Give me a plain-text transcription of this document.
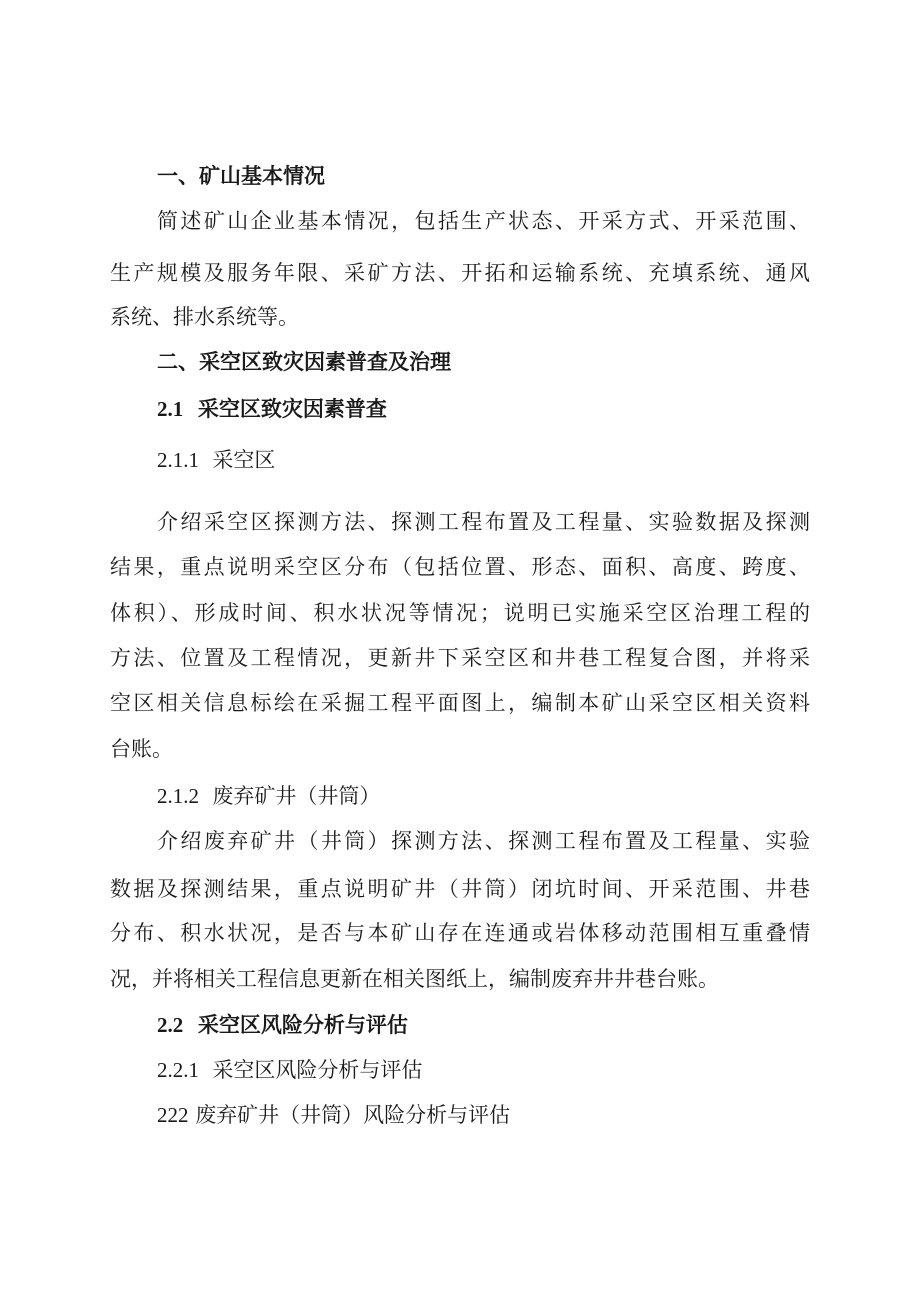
一、矿山基本情况
简述矿山企业基本情况，包括生产状态、开采方式、开采范围、
生产规模及服务年限、采矿方法、开拓和运输系统、充填系统、通风
系统、排水系统等。
二、采空区致灾因素普查及治理
2.1 采空区致灾因素普查
2.1.1 采空区
介绍采空区探测方法、探测工程布置及工程量、实验数据及探测
结果，重点说明采空区分布（包括位置、形态、面积、高度、跨度、
体积）、形成时间、积水状况等情况；说明已实施采空区治理工程的
方法、位置及工程情况，更新井下采空区和井巷工程复合图，并将采
空区相关信息标绘在采掘工程平面图上，编制本矿山采空区相关资料
台账。
2.1.2 废弃矿井（井筒）
介绍废弃矿井（井筒）探测方法、探测工程布置及工程量、实验
数据及探测结果，重点说明矿井（井筒）闭坑时间、开采范围、井巷
分布、积水状况，是否与本矿山存在连通或岩体移动范围相互重叠情
况，并将相关工程信息更新在相关图纸上，编制废弃井井巷台账。
2.2 采空区风险分析与评估
2.2.1 采空区风险分析与评估
222 废弃矿井（井筒）风险分析与评估
